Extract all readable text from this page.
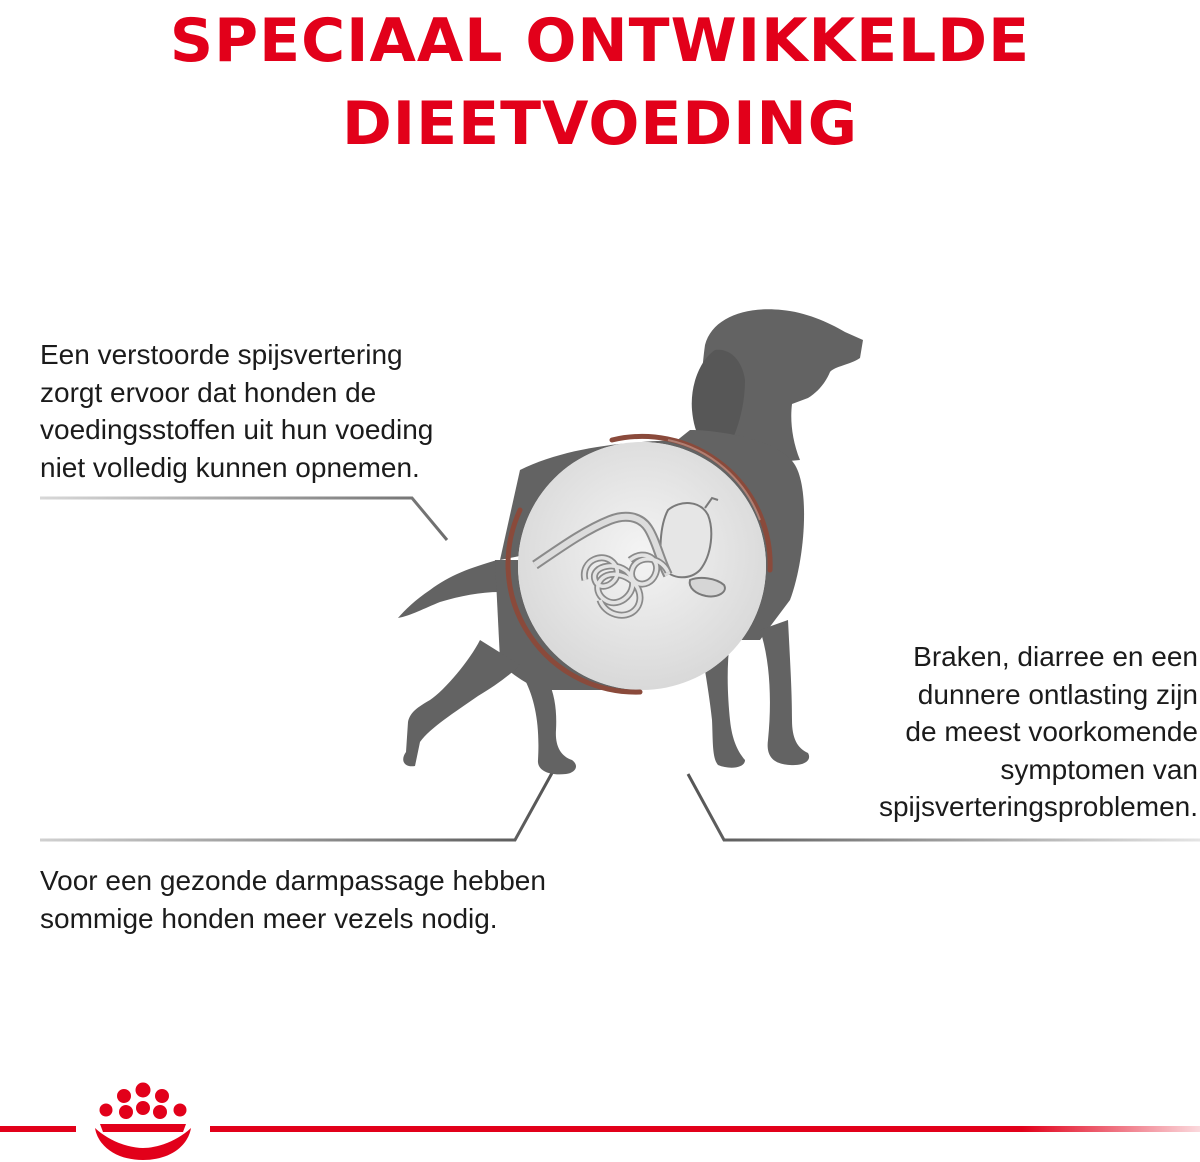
SPECIAAL ONTWIKKELDE
DIEETVOEDING
Een verstoorde spijsvertering
zorgt ervoor dat honden de
voedingsstoffen uit hun voeding
niet volledig kunnen opnemen.
Voor een gezonde darmpassage hebben
sommige honden meer vezels nodig.
Braken, diarree en een
dunnere ontlasting zijn
de meest voorkomende
symptomen van
spijsverteringsproblemen.
